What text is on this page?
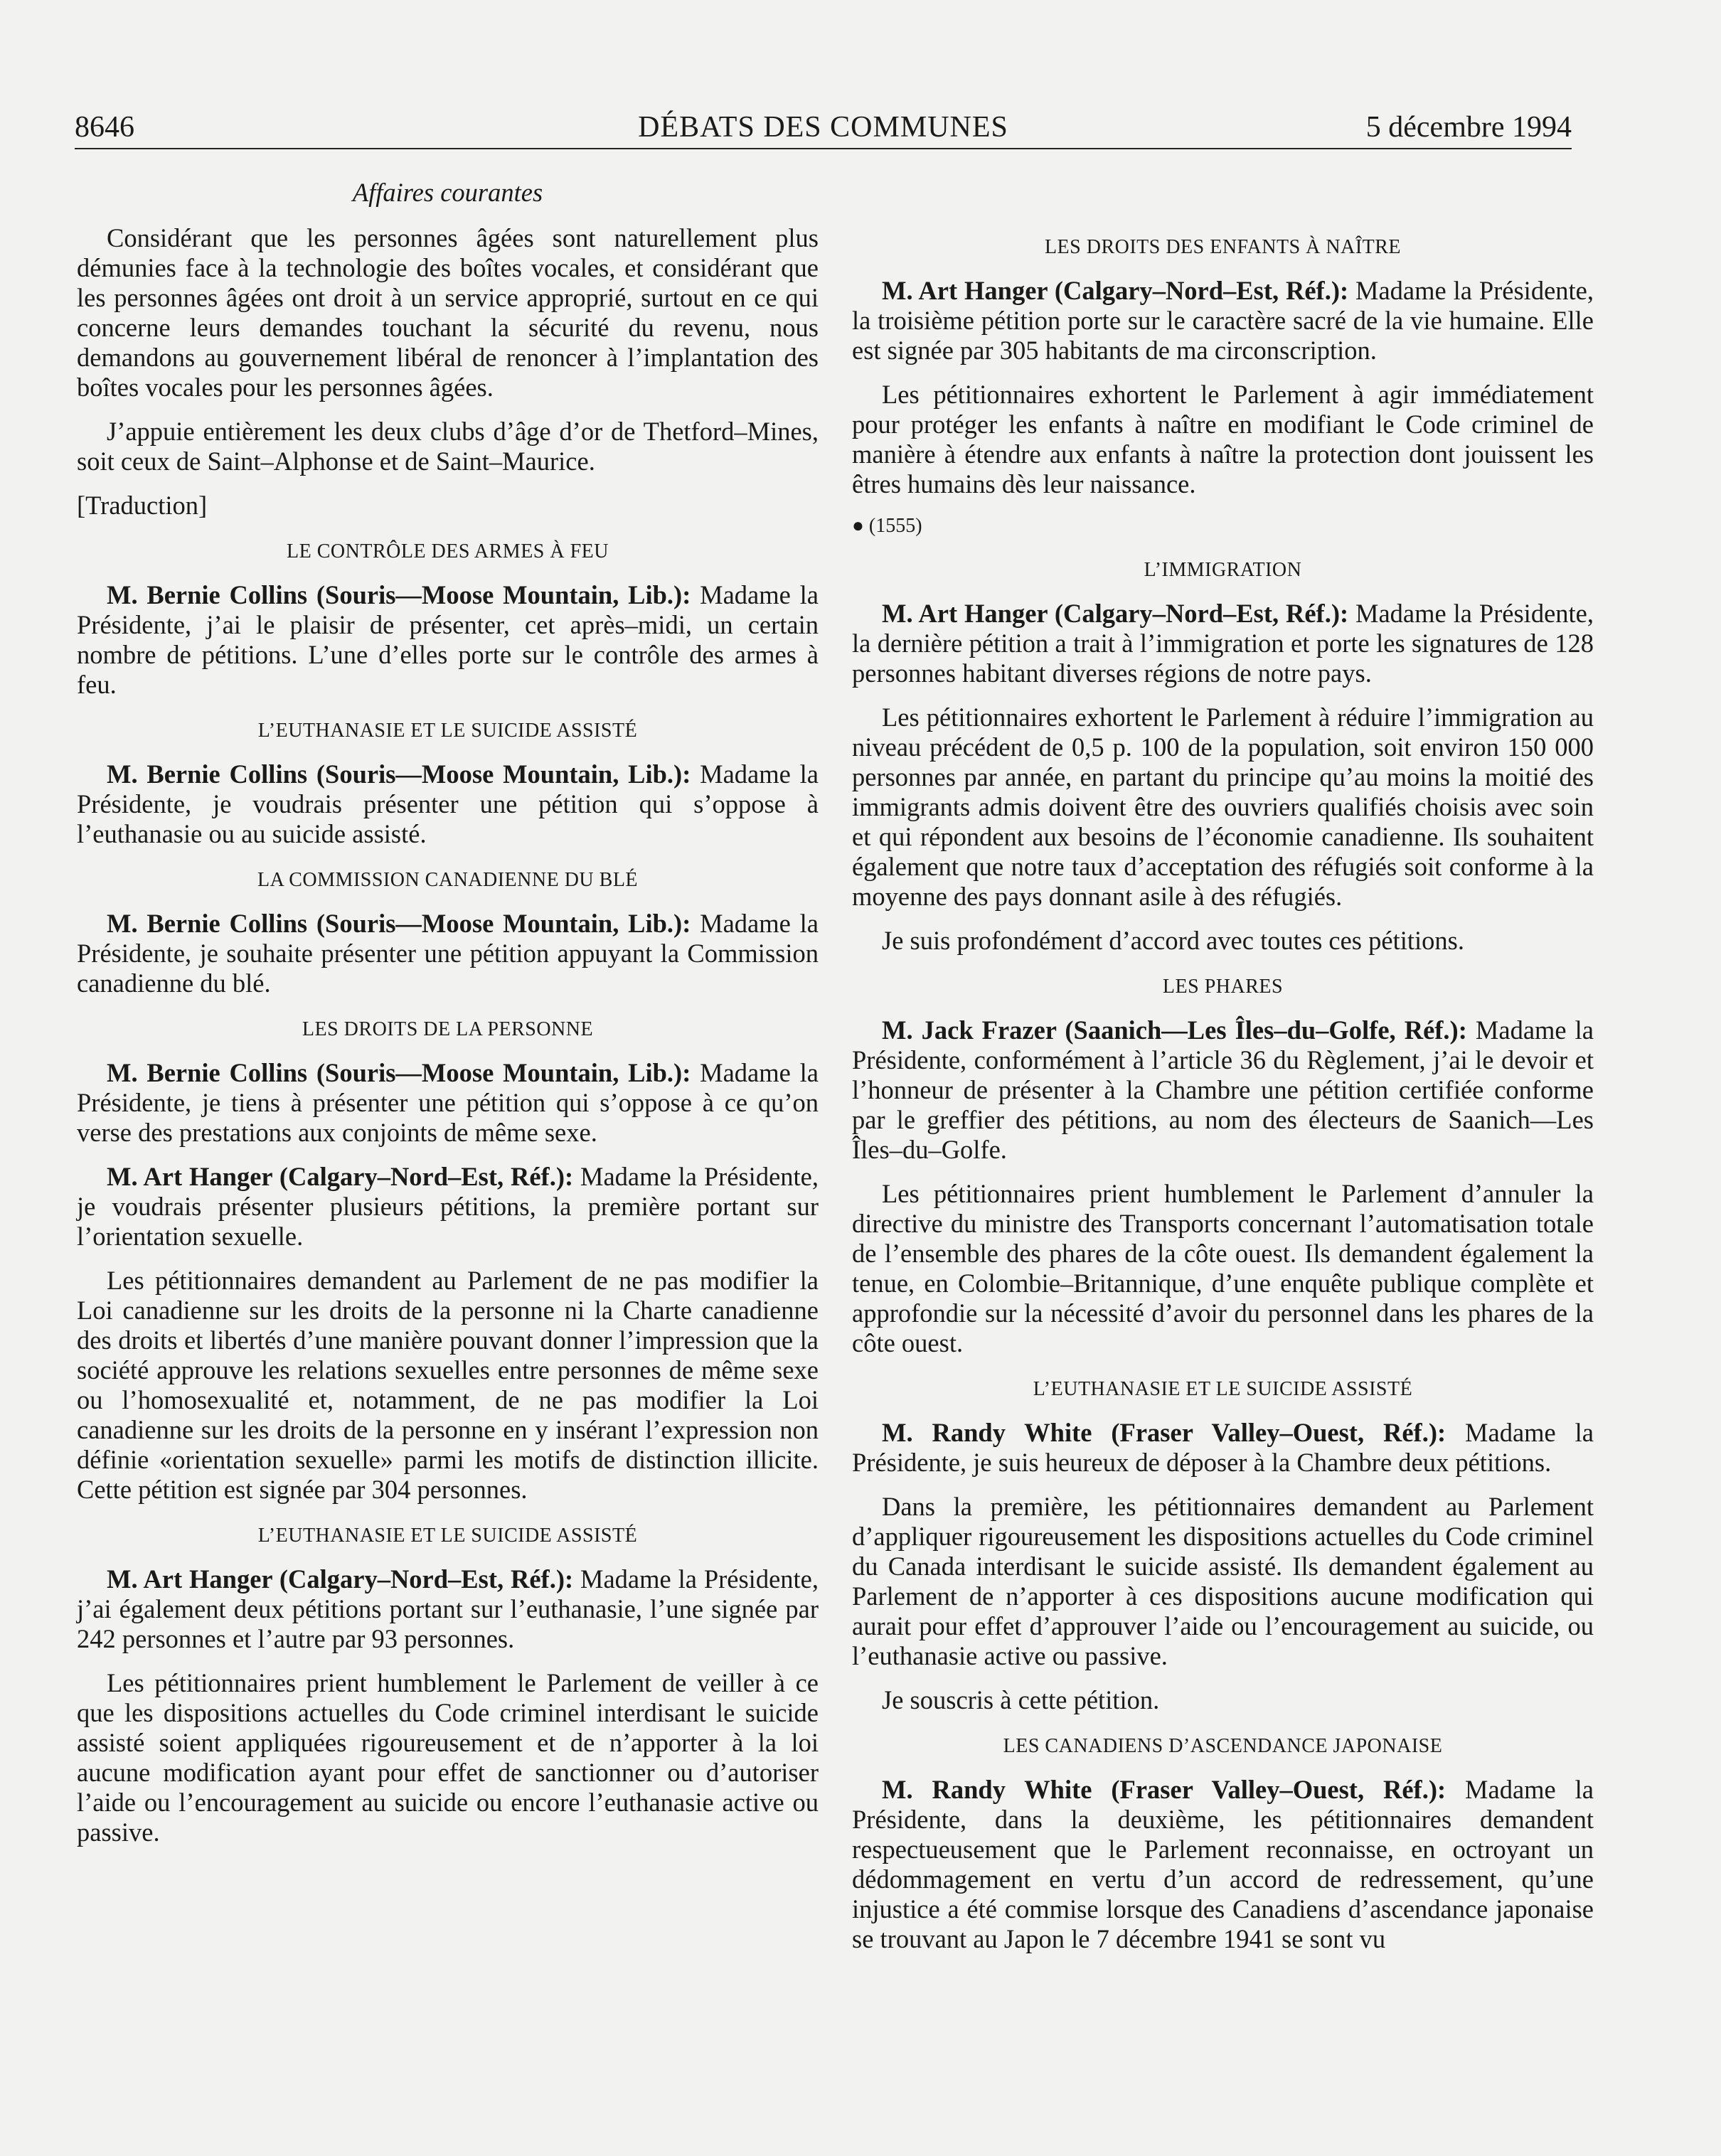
8646	DÉBATS DES COMMUNES	5 décembre 1994
Affaires courantes

Considérant que les personnes âgées sont naturellement plus démunies face à la technologie des boîtes vocales, et considérant que les personnes âgées ont droit à un service approprié, surtout en ce qui concerne leurs demandes touchant la sécurité du revenu, nous demandons au gouvernement libéral de renoncer à l’implantation des boîtes vocales pour les personnes âgées.

J’appuie entièrement les deux clubs d’âge d’or de Thetford–Mines, soit ceux de Saint–Alphonse et de Saint–Maurice.

[Traduction]
LE CONTRÔLE DES ARMES À FEU

M. Bernie Collins (Souris—Moose Mountain, Lib.): Madame la Présidente, j’ai le plaisir de présenter, cet après–midi, un certain nombre de pétitions. L’une d’elles porte sur le contrôle des armes à feu.

L’EUTHANASIE ET LE SUICIDE ASSISTÉ

M. Bernie Collins (Souris—Moose Mountain, Lib.): Madame la Présidente, je voudrais présenter une pétition qui s’oppose à l’euthanasie ou au suicide assisté.

LA COMMISSION CANADIENNE DU BLÉ

M. Bernie Collins (Souris—Moose Mountain, Lib.): Madame la Présidente, je souhaite présenter une pétition appuyant la Commission canadienne du blé.

LES DROITS DE LA PERSONNE

M. Bernie Collins (Souris—Moose Mountain, Lib.): Madame la Présidente, je tiens à présenter une pétition qui s’oppose à ce qu’on verse des prestations aux conjoints de même sexe.

M. Art Hanger (Calgary–Nord–Est, Réf.): Madame la Présidente, je voudrais présenter plusieurs pétitions, la première portant sur l’orientation sexuelle.

Les pétitionnaires demandent au Parlement de ne pas modifier la Loi canadienne sur les droits de la personne ni la Charte canadienne des droits et libertés d’une manière pouvant donner l’impression que la société approuve les relations sexuelles entre personnes de même sexe ou l’homosexualité et, notamment, de ne pas modifier la Loi canadienne sur les droits de la personne en y insérant l’expression non définie «orientation sexuelle» parmi les motifs de distinction illicite. Cette pétition est signée par 304 personnes.

L’EUTHANASIE ET LE SUICIDE ASSISTÉ

M. Art Hanger (Calgary–Nord–Est, Réf.): Madame la Présidente, j’ai également deux pétitions portant sur l’euthanasie, l’une signée par 242 personnes et l’autre par 93 personnes.

Les pétitionnaires prient humblement le Parlement de veiller à ce que les dispositions actuelles du Code criminel interdisant le suicide assisté soient appliquées rigoureusement et de n’apporter à la loi aucune modification ayant pour effet de sanctionner ou d’autoriser l’aide ou l’encouragement au suicide ou encore l’euthanasie active ou passive.

LES DROITS DES ENFANTS À NAÎTRE

M. Art Hanger (Calgary–Nord–Est, Réf.): Madame la Présidente, la troisième pétition porte sur le caractère sacré de la vie humaine. Elle est signée par 305 habitants de ma circonscription.

Les pétitionnaires exhortent le Parlement à agir immédiatement pour protéger les enfants à naître en modifiant le Code criminel de manière à étendre aux enfants à naître la protection dont jouissent les êtres humains dès leur naissance.

● (1555)
L’IMMIGRATION

M. Art Hanger (Calgary–Nord–Est, Réf.): Madame la Présidente, la dernière pétition a trait à l’immigration et porte les signatures de 128 personnes habitant diverses régions de notre pays.

Les pétitionnaires exhortent le Parlement à réduire l’immigration au niveau précédent de 0,5 p. 100 de la population, soit environ 150 000 personnes par année, en partant du principe qu’au moins la moitié des immigrants admis doivent être des ouvriers qualifiés choisis avec soin et qui répondent aux besoins de l’économie canadienne. Ils souhaitent également que notre taux d’acceptation des réfugiés soit conforme à la moyenne des pays donnant asile à des réfugiés.

Je suis profondément d’accord avec toutes ces pétitions.

LES PHARES

M. Jack Frazer (Saanich—Les Îles–du–Golfe, Réf.): Madame la Présidente, conformément à l’article 36 du Règlement, j’ai le devoir et l’honneur de présenter à la Chambre une pétition certifiée conforme par le greffier des pétitions, au nom des électeurs de Saanich—Les Îles–du–Golfe.

Les pétitionnaires prient humblement le Parlement d’annuler la directive du ministre des Transports concernant l’automatisation totale de l’ensemble des phares de la côte ouest. Ils demandent également la tenue, en Colombie–Britannique, d’une enquête publique complète et approfondie sur la nécessité d’avoir du personnel dans les phares de la côte ouest.

L’EUTHANASIE ET LE SUICIDE ASSISTÉ

M. Randy White (Fraser Valley–Ouest, Réf.): Madame la Présidente, je suis heureux de déposer à la Chambre deux pétitions.

Dans la première, les pétitionnaires demandent au Parlement d’appliquer rigoureusement les dispositions actuelles du Code criminel du Canada interdisant le suicide assisté. Ils demandent également au Parlement de n’apporter à ces dispositions aucune modification qui aurait pour effet d’approuver l’aide ou l’encouragement au suicide, ou l’euthanasie active ou passive.

Je souscris à cette pétition.

LES CANADIENS D’ASCENDANCE JAPONAISE

M. Randy White (Fraser Valley–Ouest, Réf.): Madame la Présidente, dans la deuxième, les pétitionnaires demandent respectueusement que le Parlement reconnaisse, en octroyant un dédommagement en vertu d’un accord de redressement, qu’une injustice a été commise lorsque des Canadiens d’ascendance japonaise se trouvant au Japon le 7 décembre 1941 se sont vu
